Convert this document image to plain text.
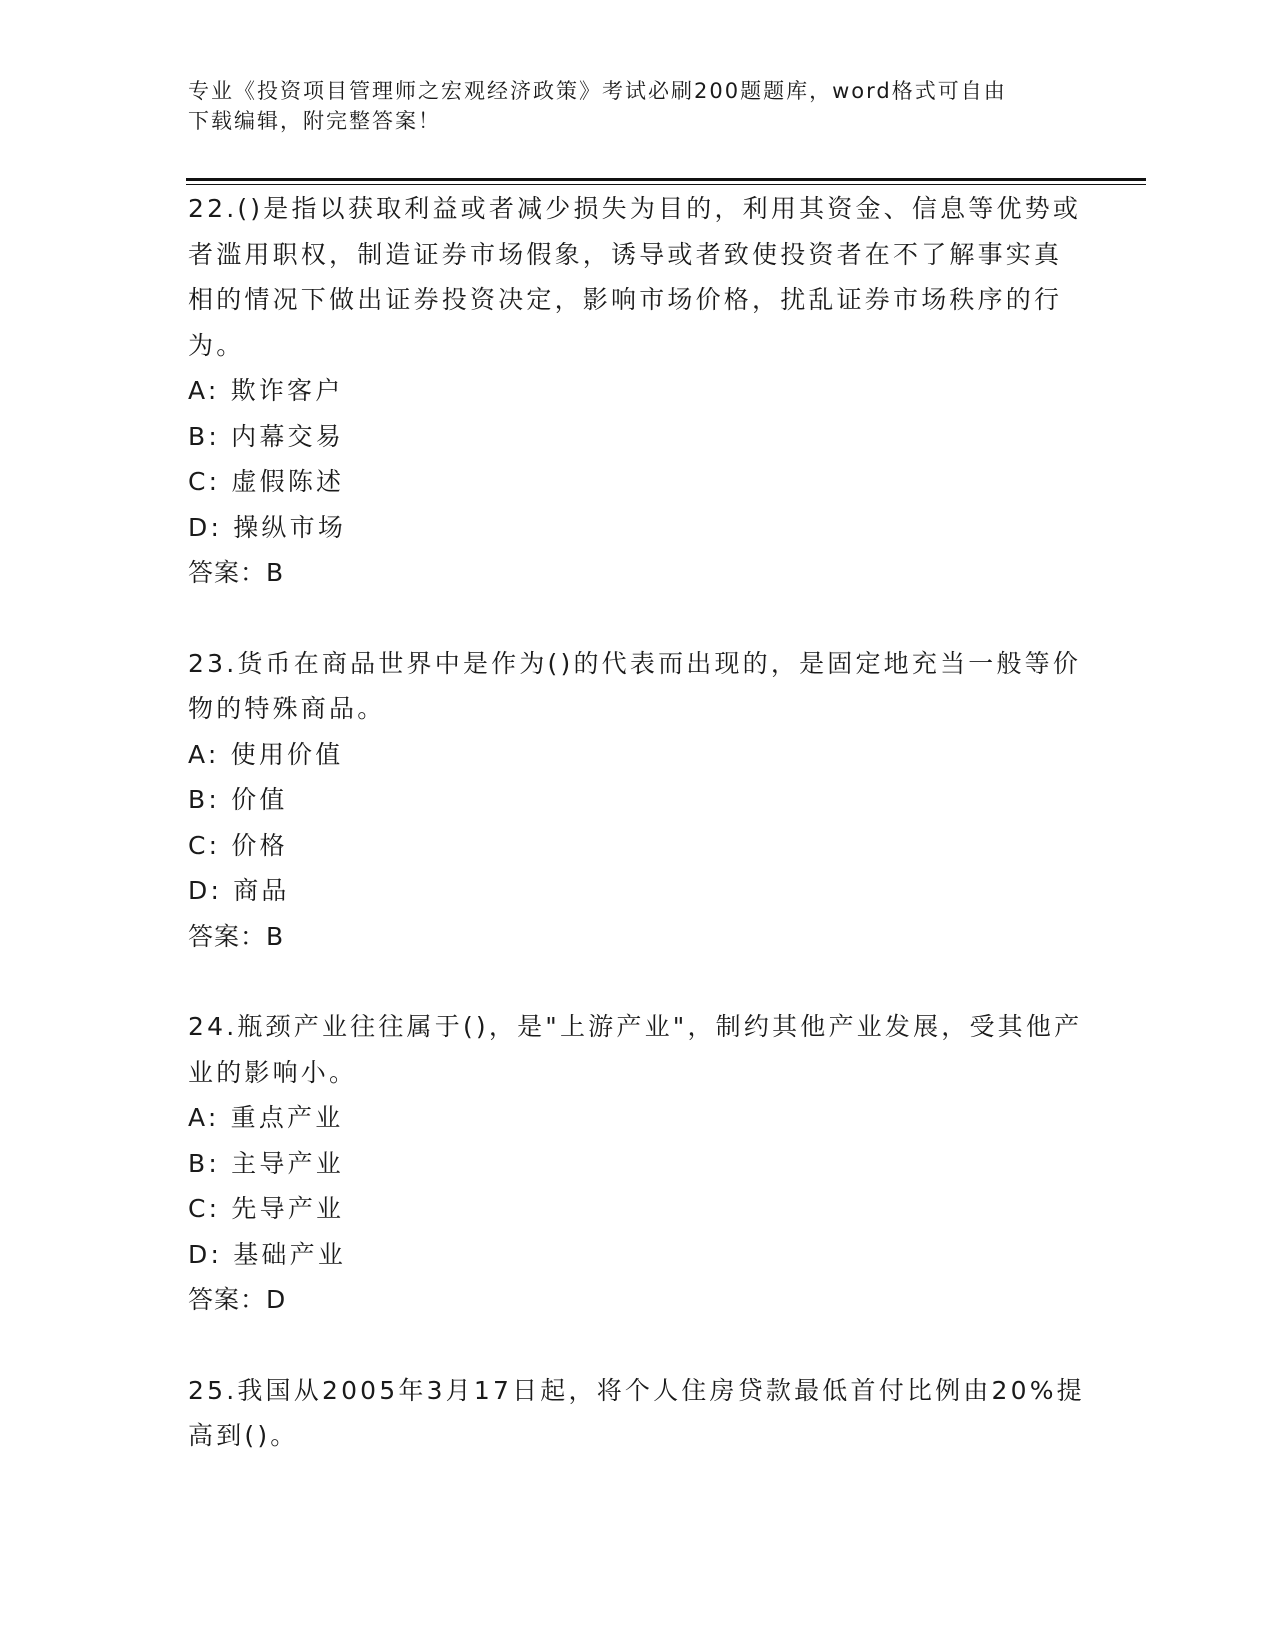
专业《投资项目管理师之宏观经济政策》考试必刷200题题库，word格式可自由
下载编辑，附完整答案！

22.()是指以获取利益或者减少损失为目的，利用其资金、信息等优势或者滥用职权，制造证券市场假象，诱导或者致使投资者在不了解事实真相的情况下做出证券投资决定，影响市场价格，扰乱证券市场秩序的行为。

A: 欺诈客户

B: 内幕交易

C: 虚假陈述

D: 操纵市场

答案：B

23.货币在商品世界中是作为()的代表而出现的，是固定地充当一般等价物的特殊商品。

A: 使用价值

B: 价值

C: 价格

D: 商品

答案：B

24.瓶颈产业往往属于()，是"上游产业"，制约其他产业发展，受其他产业的影响小。

A: 重点产业

B: 主导产业

C: 先导产业

D: 基础产业

答案：D

25.我国从2005年3月17日起，将个人住房贷款最低首付比例由20%提高到()。
